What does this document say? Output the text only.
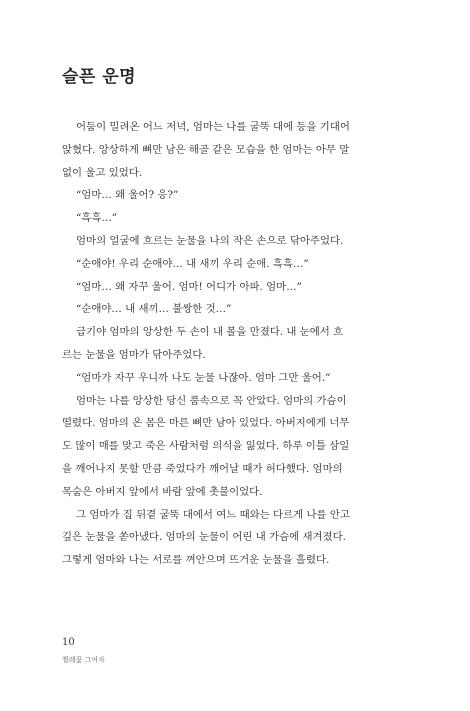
슬픈 운명
어둠이 밀려온 어느 저녁, 엄마는 나를 굴뚝 대에 등을 기대어
앉혔다. 앙상하게 뼈만 남은 해골 같은 모습을 한 엄마는 아무 말
없이 울고 있었다.
“엄마… 왜 울어? 응?”
“흑흑…”
엄마의 얼굴에 흐르는 눈물을 나의 작은 손으로 닦아주었다.
“순애야! 우리 순애야… 내 새끼 우리 순애. 흑흑…”
“엄마… 왜 자꾸 울어. 엄마! 어디가 아파. 엄마…”
“순애야… 내 새끼… 불쌍한 것…”
급기야 엄마의 앙상한 두 손이 내 볼을 만졌다. 내 눈에서 흐
르는 눈물을 엄마가 닦아주었다.
“엄마가 자꾸 우니까 나도 눈물 나잖아. 엄마 그만 울어.”
엄마는 나를 앙상한 당신 품속으로 꼭 안았다. 엄마의 가슴이
떨렸다. 엄마의 온 몸은 마른 뼈만 남아 있었다. 아버지에게 너무
도 많이 매를 맞고 죽은 사람처럼 의식을 잃었다. 하루 이틀 삼일
을 깨어나지 못할 만큼 죽었다가 깨어날 때가 허다했다. 엄마의
목숨은 아버지 앞에서 바람 앞에 촛불이었다.
그 엄마가 집 뒤곁 굴뚝 대에서 여느 때와는 다르게 나를 안고
깊은 눈물을 쏟아냈다. 엄마의 눈물이 어린 내 가슴에 새겨졌다.
그렇게 엄마와 나는 서로를 껴안으며 뜨거운 눈물을 흘렸다.
10
찔레꽃 그여자
